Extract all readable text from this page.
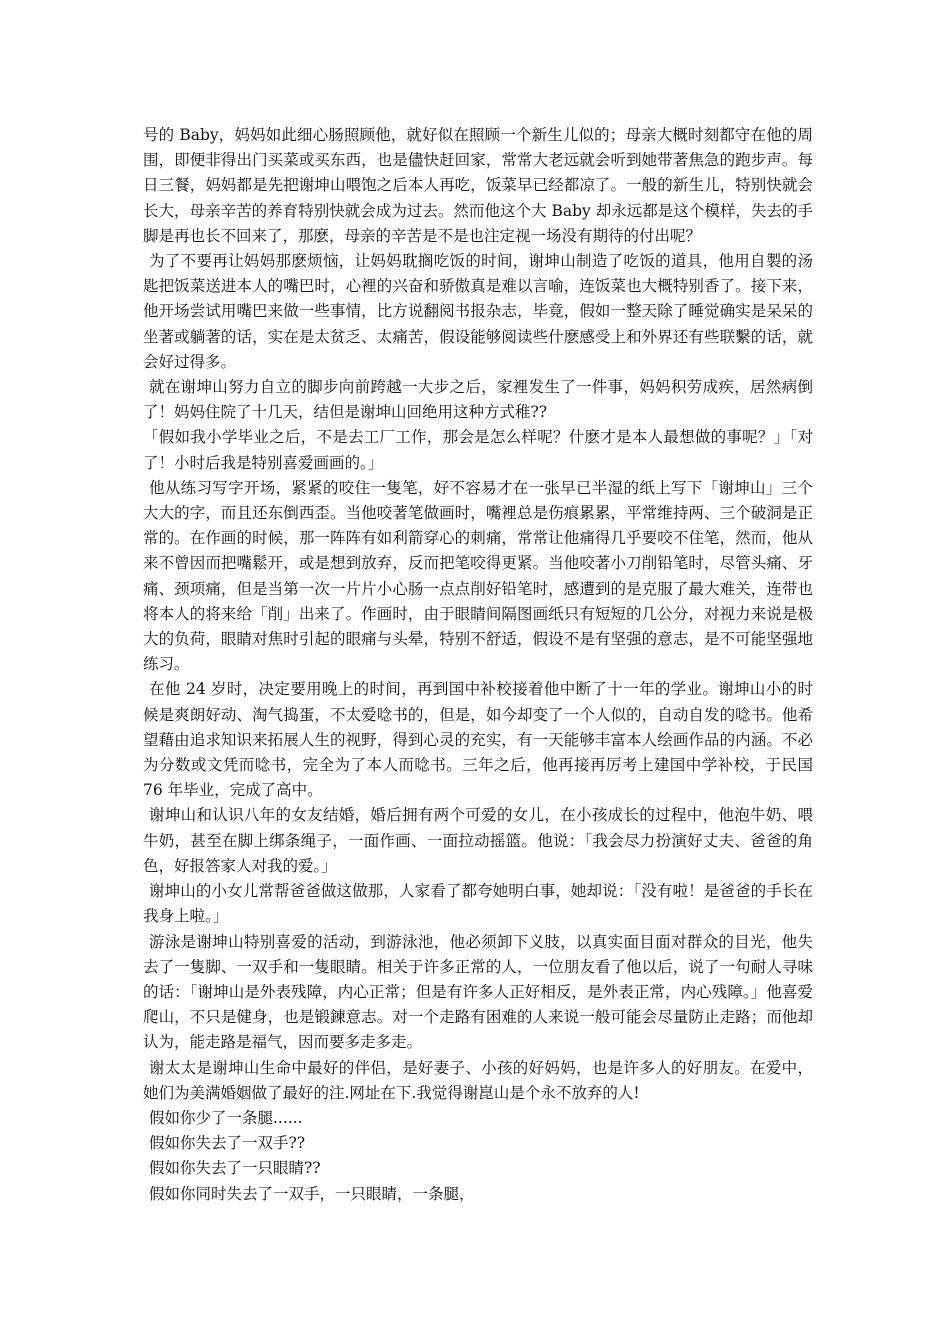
号的 Baby，妈妈如此细心肠照顾他，就好似在照顾一个新生儿似的；母亲大概时刻都守在他的周围，即便非得出门买菜或买东西，也是儘快赶回家，常常大老远就会听到她带著焦急的跑步声。每日三餐，妈妈都是先把谢坤山喂饱之后本人再吃，饭菜早已经都凉了。一般的新生儿，特别快就会长大，母亲辛苦的养育特别快就会成为过去。然而他这个大 Baby 却永远都是这个模样，失去的手脚是再也长不回来了，那麽，母亲的辛苦是不是也注定视一场没有期待的付出呢？

为了不要再让妈妈那麽烦恼，让妈妈耽搁吃饭的时间，谢坤山制造了吃饭的道具，他用自製的汤匙把饭菜送进本人的嘴巴时，心裡的兴奋和骄傲真是难以言喻，连饭菜也大概特别香了。接下来，他开场尝试用嘴巴来做一些事情，比方说翻阅书报杂志，毕竟，假如一整天除了睡觉确实是呆呆的坐著或躺著的话，实在是太贫乏、太痛苦，假设能够阅读些什麽感受上和外界还有些联繫的话，就会好过得多。

就在谢坤山努力自立的脚步向前跨越一大步之后，家裡发生了一件事，妈妈积劳成疾，居然病倒了！妈妈住院了十几天，结但是谢坤山回绝用这种方式稚??

「假如我小学毕业之后，不是去工厂工作，那会是怎么样呢？什麽才是本人最想做的事呢？」「对了！小时后我是特别喜爱画画的。」

他从练习写字开场，紧紧的咬住一隻笔，好不容易才在一张早已半湿的纸上写下「谢坤山」三个大大的字，而且还东倒西歪。当他咬著笔做画时，嘴裡总是伤痕累累，平常维持两、三个破洞是正常的。在作画的时候，那一阵阵有如利箭穿心的刺痛，常常让他痛得几乎要咬不住笔，然而，他从来不曾因而把嘴鬆开，或是想到放弃，反而把笔咬得更紧。当他咬著小刀削铅笔时，尽管头痛、牙痛、颈项痛，但是当第一次一片片小心肠一点点削好铅笔时，感遭到的是克服了最大难关，连带也将本人的将来给「削」出来了。作画时，由于眼睛间隔图画纸只有短短的几公分，对视力来说是极大的负荷，眼睛对焦时引起的眼痛与头晕，特别不舒适，假设不是有坚强的意志，是不可能坚强地练习。

在他 24 岁时，决定要用晚上的时间，再到国中补校接着他中断了十一年的学业。谢坤山小的时候是爽朗好动、淘气捣蛋，不太爱唸书的，但是，如今却变了一个人似的，自动自发的唸书。他希望藉由追求知识来拓展人生的视野，得到心灵的充实，有一天能够丰富本人绘画作品的内涵。不必为分数或文凭而唸书，完全为了本人而唸书。三年之后，他再接再厉考上建国中学补校，于民国 76 年毕业，完成了高中。

谢坤山和认识八年的女友结婚，婚后拥有两个可爱的女儿，在小孩成长的过程中，他泡牛奶、喂牛奶，甚至在脚上绑条绳子，一面作画、一面拉动摇篮。他说：「我会尽力扮演好丈夫、爸爸的角色，好报答家人对我的爱。」

谢坤山的小女儿常帮爸爸做这做那，人家看了都夸她明白事，她却说：「没有啦！是爸爸的手长在我身上啦。」

游泳是谢坤山特别喜爱的活动，到游泳池，他必须卸下义肢，以真实面目面对群众的目光，他失去了一隻脚、一双手和一隻眼睛。相关于许多正常的人，一位朋友看了他以后，说了一句耐人寻味的话：「谢坤山是外表残障，内心正常；但是有许多人正好相反，是外表正常，内心残障。」他喜爱爬山，不只是健身，也是锻鍊意志。对一个走路有困难的人来说一般可能会尽量防止走路；而他却认为，能走路是福气，因而要多走多走。

谢太太是谢坤山生命中最好的伴侣，是好妻子、小孩的好妈妈，也是许多人的好朋友。在爱中，她们为美满婚姻做了最好的注.网址在下.我觉得谢崑山是个永不放弃的人!

假如你少了一条腿......

假如你失去了一双手??

假如你失去了一只眼睛??

假如你同时失去了一双手，一只眼睛，一条腿，
